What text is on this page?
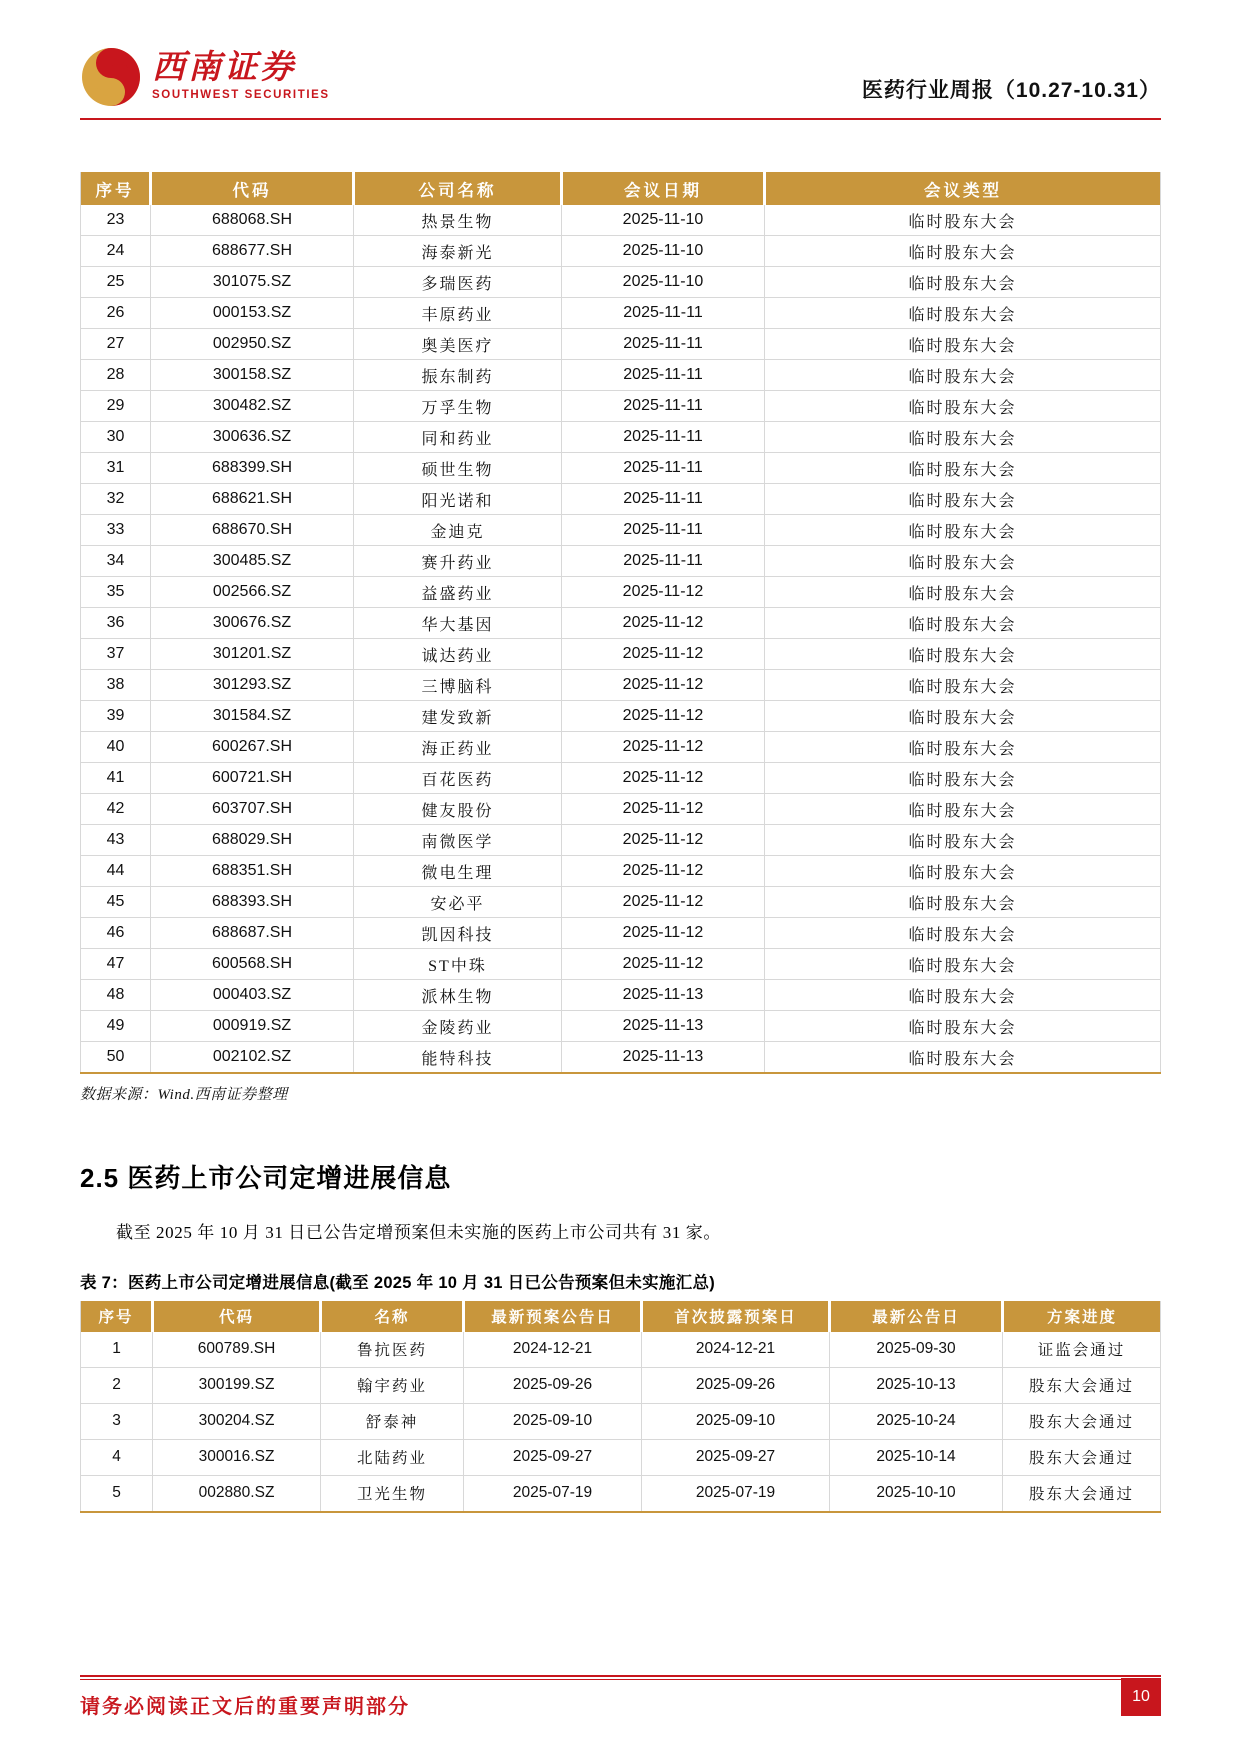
西南证券
SOUTHWEST SECURITIES	医药行业周报（10.27-10.31）
序号	代码	公司名称	会议日期	会议类型
23	688068.SH	热景生物	2025-11-10	临时股东大会
24	688677.SH	海泰新光	2025-11-10	临时股东大会
25	301075.SZ	多瑞医药	2025-11-10	临时股东大会
26	000153.SZ	丰原药业	2025-11-11	临时股东大会
27	002950.SZ	奥美医疗	2025-11-11	临时股东大会
28	300158.SZ	振东制药	2025-11-11	临时股东大会
29	300482.SZ	万孚生物	2025-11-11	临时股东大会
30	300636.SZ	同和药业	2025-11-11	临时股东大会
31	688399.SH	硕世生物	2025-11-11	临时股东大会
32	688621.SH	阳光诺和	2025-11-11	临时股东大会
33	688670.SH	金迪克	2025-11-11	临时股东大会
34	300485.SZ	赛升药业	2025-11-11	临时股东大会
35	002566.SZ	益盛药业	2025-11-12	临时股东大会
36	300676.SZ	华大基因	2025-11-12	临时股东大会
37	301201.SZ	诚达药业	2025-11-12	临时股东大会
38	301293.SZ	三博脑科	2025-11-12	临时股东大会
39	301584.SZ	建发致新	2025-11-12	临时股东大会
40	600267.SH	海正药业	2025-11-12	临时股东大会
41	600721.SH	百花医药	2025-11-12	临时股东大会
42	603707.SH	健友股份	2025-11-12	临时股东大会
43	688029.SH	南微医学	2025-11-12	临时股东大会
44	688351.SH	微电生理	2025-11-12	临时股东大会
45	688393.SH	安必平	2025-11-12	临时股东大会
46	688687.SH	凯因科技	2025-11-12	临时股东大会
47	600568.SH	ST中珠	2025-11-12	临时股东大会
48	000403.SZ	派林生物	2025-11-13	临时股东大会
49	000919.SZ	金陵药业	2025-11-13	临时股东大会
50	002102.SZ	能特科技	2025-11-13	临时股东大会
数据来源：Wind.西南证券整理
2.5 医药上市公司定增进展信息

截至 2025 年 10 月 31 日已公告定增预案但未实施的医药上市公司共有 31 家。

表 7：医药上市公司定增进展信息(截至 2025 年 10 月 31 日已公告预案但未实施汇总)
序号	代码	名称	最新预案公告日	首次披露预案日	最新公告日	方案进度
1	600789.SH	鲁抗医药	2024-12-21	2024-12-21	2025-09-30	证监会通过
2	300199.SZ	翰宇药业	2025-09-26	2025-09-26	2025-10-13	股东大会通过
3	300204.SZ	舒泰神	2025-09-10	2025-09-10	2025-10-24	股东大会通过
4	300016.SZ	北陆药业	2025-09-27	2025-09-27	2025-10-14	股东大会通过
5	002880.SZ	卫光生物	2025-07-19	2025-07-19	2025-10-10	股东大会通过
请务必阅读正文后的重要声明部分	10
